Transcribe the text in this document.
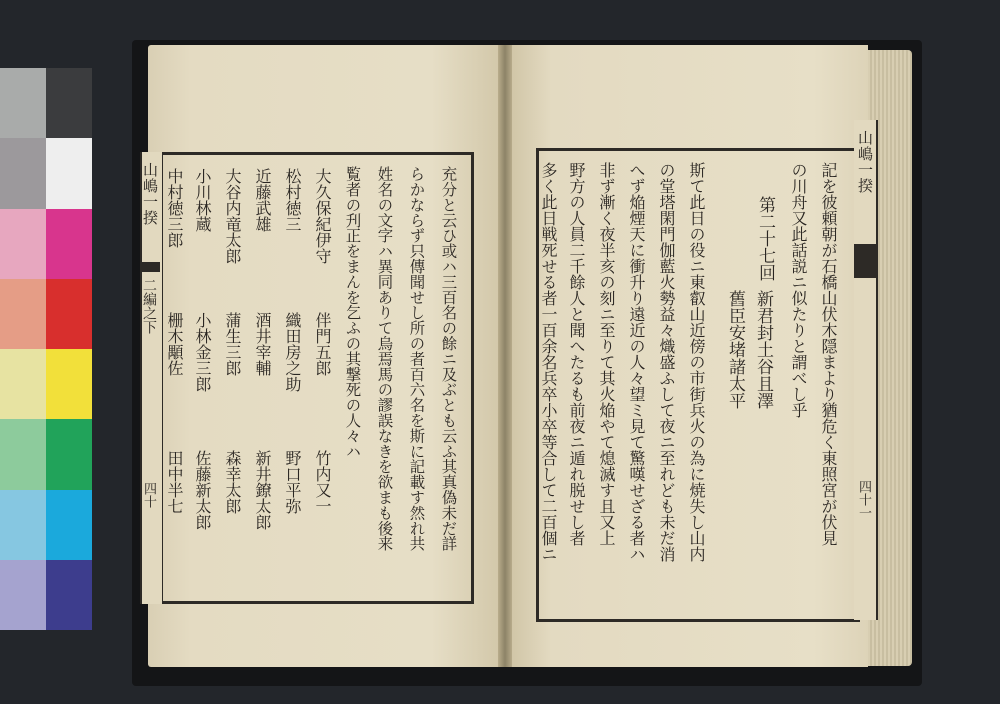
山嶋一揆
二編之下
四十	充分と云ひ或ハ三百名の餘ニ及ぶとも云ふ其真偽未だ詳
らかならず只傳聞せし所の者百六名を斯に記載す然れ共
姓名の文字ハ異同ありて烏焉馬の謬誤なきを欲まも後来
覧者の刋正をまんを乞ふの其撃死の人々ハ
大久保紀伊守
伴門五郎
竹内又一
松村徳三
織田房之助
野口平弥
近藤武雄
酒井宰輔
新井鐐太郎
大谷内竜太郎
蒲生三郎
森幸太郎
小川林蔵
小林金三郎
佐藤新太郎
中村徳三郎
栅木顒佐
田中半七
山嶋一揆
四十一
記を彼頼朝が石橋山伏木隠まより猶危く東照宮が伏見
の川舟又此話説ニ似たりと謂べし乎
第二十七回
新君封土谷且澤
舊臣安堵諸太平
斯て此日の役ニ東叡山近傍の市街兵火の為に焼失し山内
の堂塔閑門伽藍火勢益々熾盛ふして夜ニ至れども未だ消
へず焔煙天に衝升り遠近の人々望ミ見て驚嘆せざる者ハ
非ず漸く夜半亥の刻ニ至りて其火焔やて熄滅す且又上
野方の人員二千餘人と聞へたるも前夜ニ遁れ脱せし者
多く此日戦死せる者一百余名兵卒小卒等合して二百個ニ
